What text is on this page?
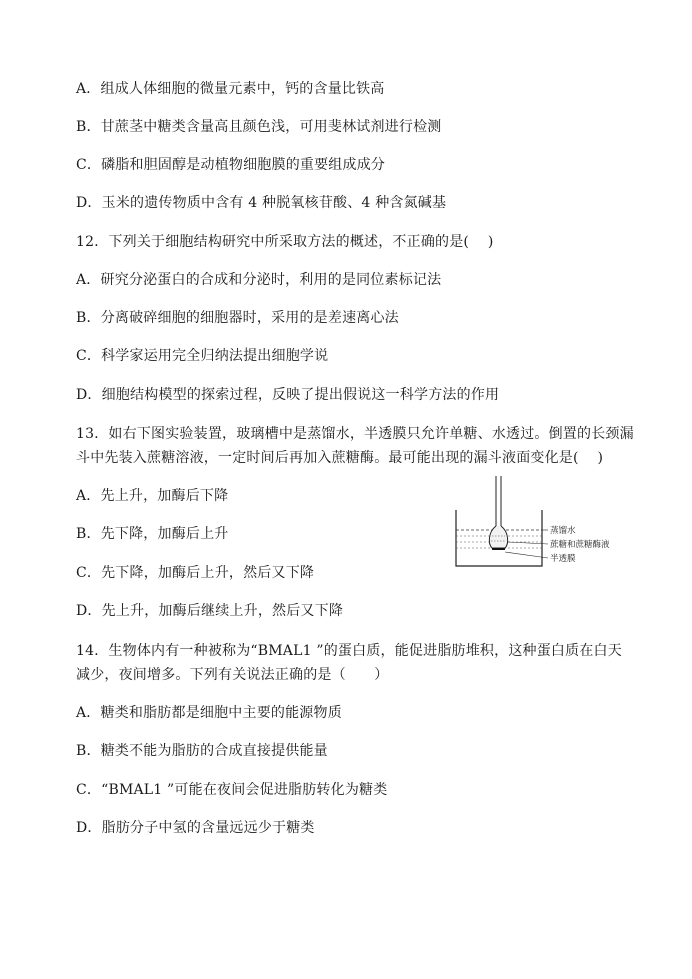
A．组成人体细胞的微量元素中，钙的含量比铁高
B．甘蔗茎中糖类含量高且颜色浅，可用斐林试剂进行检测
C．磷脂和胆固醇是动植物细胞膜的重要组成成分
D．玉米的遗传物质中含有 4 种脱氧核苷酸、4 种含氮碱基
12．下列关于细胞结构研究中所采取方法的概述，不正确的是(　 )
A．研究分泌蛋白的合成和分泌时，利用的是同位素标记法
B．分离破碎细胞的细胞器时，采用的是差速离心法
C．科学家运用完全归纳法提出细胞学说
D．细胞结构模型的探索过程，反映了提出假说这一科学方法的作用
13．如右下图实验装置，玻璃槽中是蒸馏水，半透膜只允许单糖、水透过。倒置的长颈漏
斗中先装入蔗糖溶液，一定时间后再加入蔗糖酶。最可能出现的漏斗液面变化是(　 )
A．先上升，加酶后下降
B．先下降，加酶后上升
C．先下降，加酶后上升，然后又下降
D．先上升，加酶后继续上升，然后又下降
蒸馏水
蔗糖和蔗糖酶液
半透膜
14．生物体内有一种被称为“BMAL1 ”的蛋白质，能促进脂肪堆积，这种蛋白质在白天
减少，夜间增多。下列有关说法正确的是（　　）
A．糖类和脂肪都是细胞中主要的能源物质
B．糖类不能为脂肪的合成直接提供能量
C．“BMAL1 ”可能在夜间会促进脂肪转化为糖类
D．脂肪分子中氢的含量远远少于糖类
